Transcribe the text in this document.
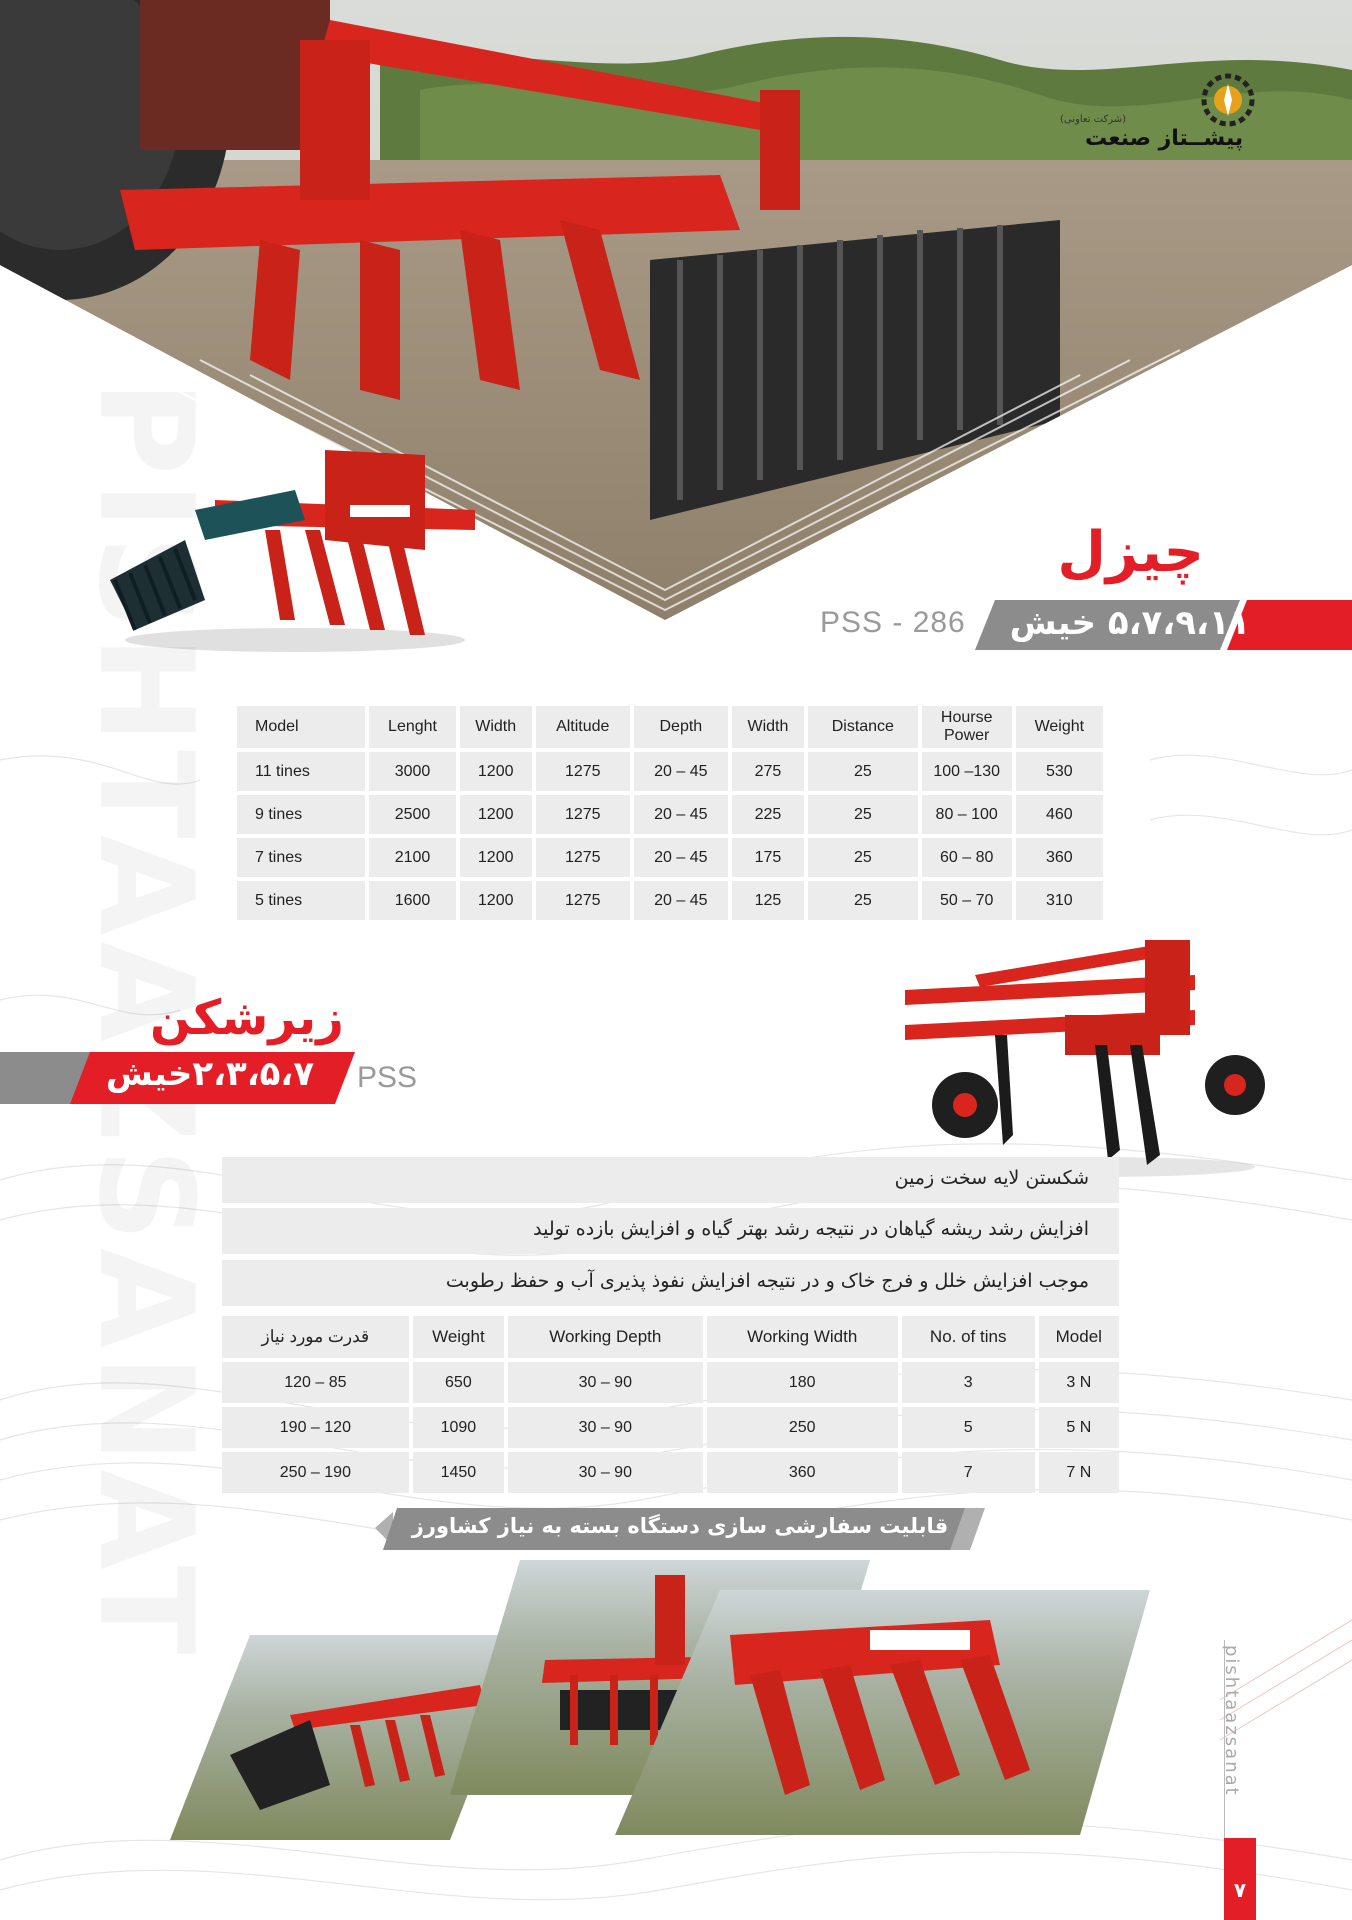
(شرکت تعاونی)
پیشــتاز صنعت
چیزل
۵،۷،۹،۱۱ خیش
PSS - 286
Model	Lenght	Width	Altitude	Depth	Width	Distance	Hourse Power	Weight
11 tines	3000	1200	1275	20 – 45	275	25	100 –130	530
9 tines	2500	1200	1275	20 – 45	225	25	80 – 100	460
7 tines	2100	1200	1275	20 – 45	175	25	60 – 80	360
5 tines	1600	1200	1275	20 – 45	125	25	50 – 70	310
زیرشکن
۲،۳،۵،۷خیش	PSS
شکستن لایه سخت زمین
افزایش رشد ریشه گیاهان در نتیجه رشد بهتر گیاه و افزایش بازده تولید
موجب افزایش خلل و فرج خاک و در نتیجه افزایش نفوذ پذیری آب و حفظ رطوبت
قدرت مورد نیاز	Weight	Working Depth	Working Width	No. of tins	Model
120 – 85	650	30 – 90	180	3	3 N
190 – 120	1090	30 – 90	250	5	5 N
250 – 190	1450	30 – 90	360	7	7 N
قابلیت سفارشی سازی دستگاه بسته به نیاز کشاورز
pishtaazsanat
۷
